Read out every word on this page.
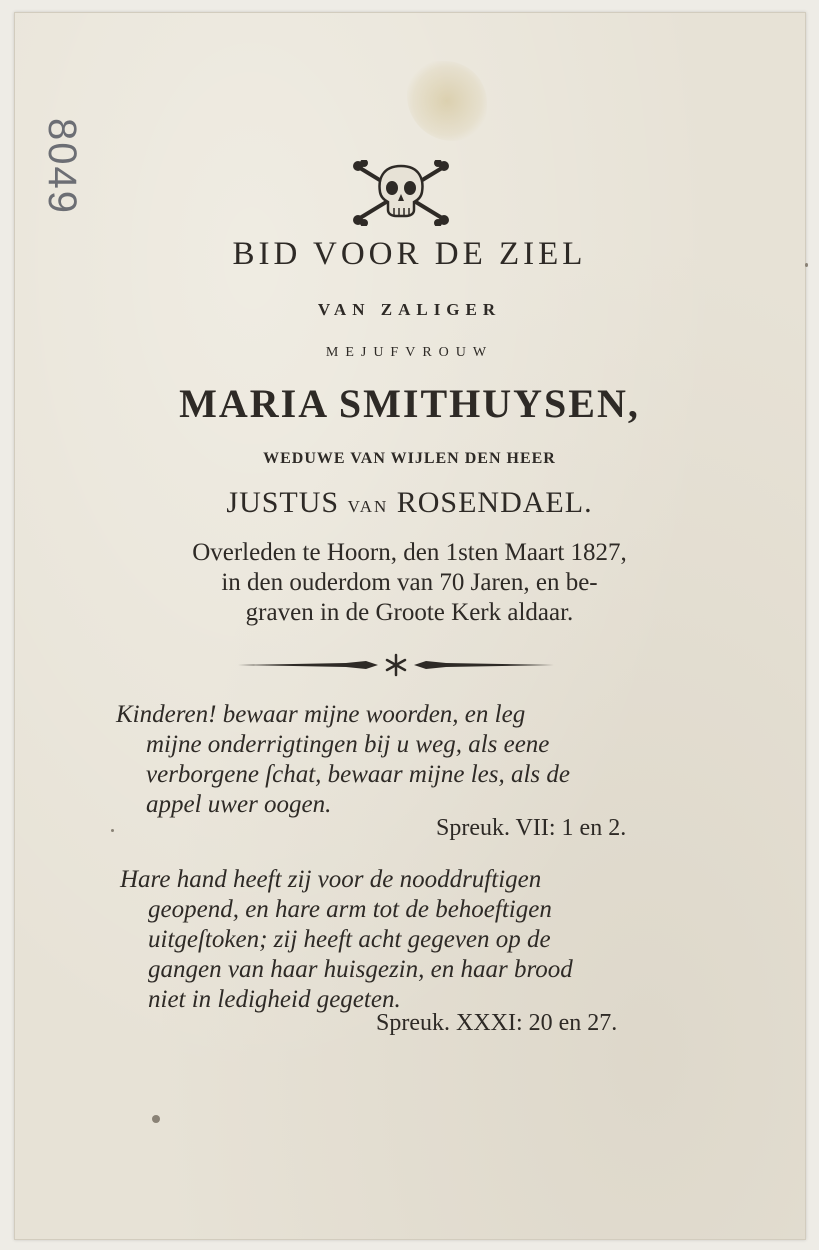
8049
BID VOOR DE ZIEL
VAN ZALIGER
MEJUFVROUW
MARIA SMITHUYSEN,
WEDUWE VAN WIJLEN DEN HEER
JUSTUS VAN ROSENDAEL.
Overleden te Hoorn, den 1sten Maart 1827,
in den ouderdom van 70 Jaren, en be-
graven in de Groote Kerk aldaar.
Kinderen! bewaar mijne woorden, en leg
mijne onderrigtingen bij u weg, als eene
verborgene ſchat, bewaar mijne les, als de
appel uwer oogen.
Spreuk. VII: 1 en 2.
Hare hand heeft zij voor de nooddruftigen
geopend, en hare arm tot de behoeftigen
uitgeſtoken; zij heeft acht gegeven op de
gangen van haar huisgezin, en haar brood
niet in ledigheid gegeten.
Spreuk. XXXI: 20 en 27.
